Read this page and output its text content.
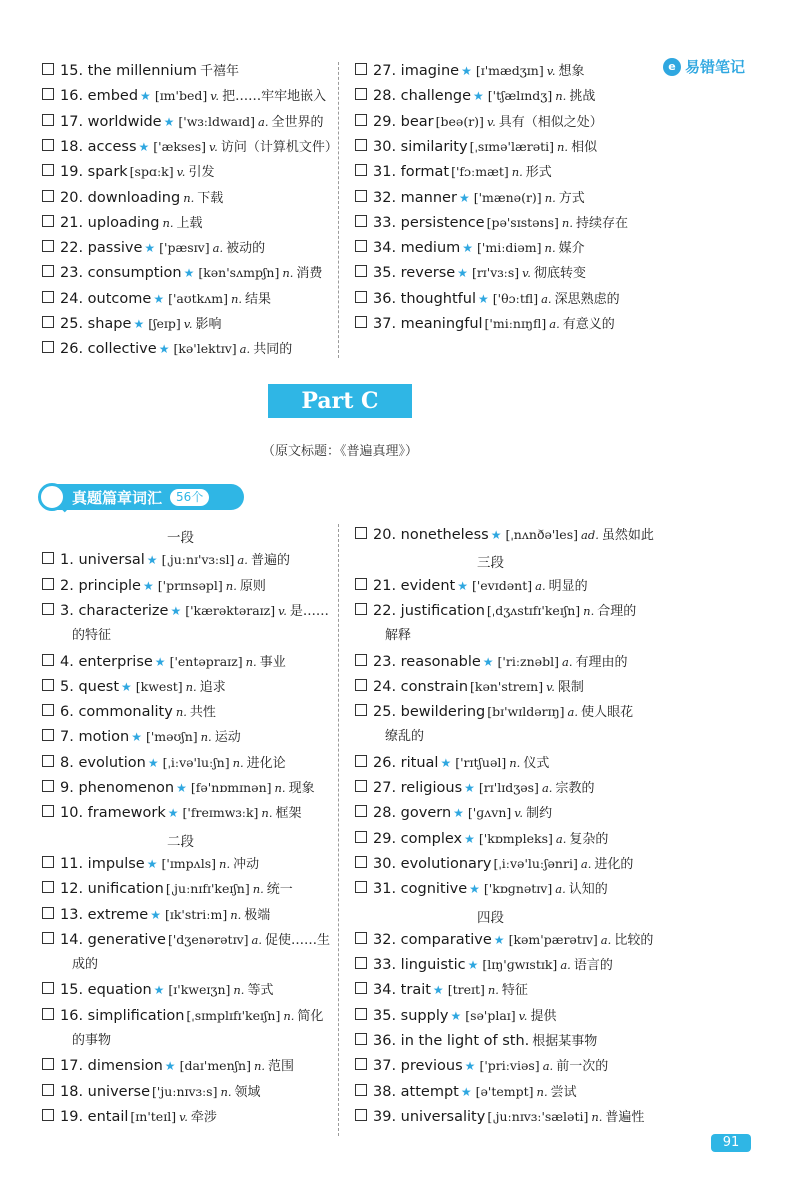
e 易错笔记
15. the millennium 千禧年
16. embed ★ [ɪm'bed] v. 把……牢牢地嵌入
17. worldwide ★ ['wɜːldwaɪd] a. 全世界的
18. access ★ ['ækses] v. 访问（计算机文件）
19. spark [spɑːk] v. 引发
20. downloading n. 下载
21. uploading n. 上载
22. passive ★ ['pæsɪv] a. 被动的
23. consumption ★ [kən'sʌmpʃn] n. 消费
24. outcome ★ ['aʊtkʌm] n. 结果
25. shape ★ [ʃeɪp] v. 影响
26. collective ★ [kə'lektɪv] a. 共同的
27. imagine ★ [ɪ'mædʒɪn] v. 想象
28. challenge ★ ['tʃælɪndʒ] n. 挑战
29. bear [beə(r)] v. 具有（相似之处）
30. similarity [ˌsɪmə'lærəti] n. 相似
31. format ['fɔːmæt] n. 形式
32. manner ★ ['mænə(r)] n. 方式
33. persistence [pə'sɪstəns] n. 持续存在
34. medium ★ ['miːdiəm] n. 媒介
35. reverse ★ [rɪ'vɜːs] v. 彻底转变
36. thoughtful ★ ['θɔːtfl] a. 深思熟虑的
37. meaningful ['miːnɪŋfl] a. 有意义的
Part C
（原文标题：《普遍真理》）
真题篇章词汇	56个
一段
1. universal ★ [ˌjuːnɪ'vɜːsl] a. 普遍的
2. principle ★ ['prɪnsəpl] n. 原则
3. characterize ★ ['kærəktəraɪz] v. 是……
的特征
4. enterprise ★ ['entəpraɪz] n. 事业
5. quest ★ [kwest] n. 追求
6. commonality n. 共性
7. motion ★ ['məʊʃn] n. 运动
8. evolution ★ [ˌiːvə'luːʃn] n. 进化论
9. phenomenon ★ [fə'nɒmɪnən] n. 现象
10. framework ★ ['freɪmwɜːk] n. 框架
二段
11. impulse ★ ['ɪmpʌls] n. 冲动
12. unification [ˌjuːnɪfɪ'keɪʃn] n. 统一
13. extreme ★ [ɪk'striːm] n. 极端
14. generative ['dʒenərətɪv] a. 促使……生
成的
15. equation ★ [ɪ'kweɪʒn] n. 等式
16. simplification [ˌsɪmplɪfɪ'keɪʃn] n. 简化
的事物
17. dimension ★ [daɪ'menʃn] n. 范围
18. universe ['juːnɪvɜːs] n. 领域
19. entail [ɪn'teɪl] v. 牵涉
20. nonetheless ★ [ˌnʌnðə'les] ad. 虽然如此
三段
21. evident ★ ['evɪdənt] a. 明显的
22. justification [ˌdʒʌstɪfɪ'keɪʃn] n. 合理的
解释
23. reasonable ★ ['riːznəbl] a. 有理由的
24. constrain [kən'streɪn] v. 限制
25. bewildering [bɪ'wɪldərɪŋ] a. 使人眼花
缭乱的
26. ritual ★ ['rɪtʃuəl] n. 仪式
27. religious ★ [rɪ'lɪdʒəs] a. 宗教的
28. govern ★ ['ɡʌvn] v. 制约
29. complex ★ ['kɒmpleks] a. 复杂的
30. evolutionary [ˌiːvə'luːʃənri] a. 进化的
31. cognitive ★ ['kɒɡnətɪv] a. 认知的
四段
32. comparative ★ [kəm'pærətɪv] a. 比较的
33. linguistic ★ [lɪŋ'ɡwɪstɪk] a. 语言的
34. trait ★ [treɪt] n. 特征
35. supply ★ [sə'plaɪ] v. 提供
36. in the light of sth. 根据某事物
37. previous ★ ['priːviəs] a. 前一次的
38. attempt ★ [ə'tempt] n. 尝试
39. universality [ˌjuːnɪvɜː'sæləti] n. 普遍性
91
